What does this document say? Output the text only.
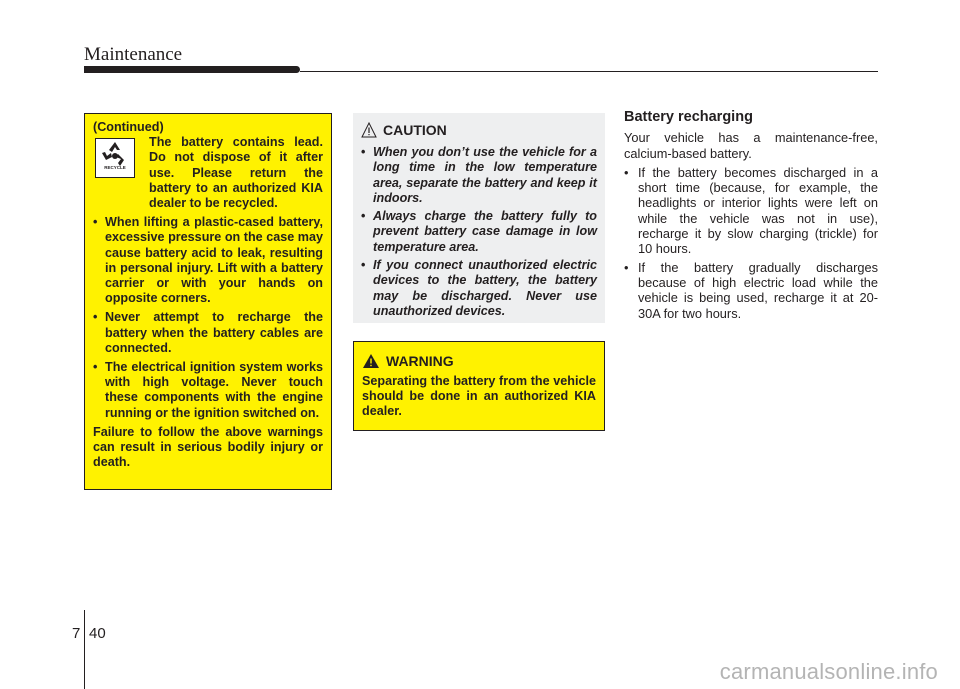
Maintenance
(Continued)
RECYCLE
The battery contains lead. Do not dispose of it after use. Please return the battery to an authorized KIA dealer to be recycled.
• When lifting a plastic-cased battery, excessive pressure on the case may cause battery acid to leak, resulting in personal injury. Lift with a battery carrier or with your hands on opposite corners.
• Never attempt to recharge the battery when the battery cables are connected.
• The electrical ignition system works with high voltage. Never touch these components with the engine running or the ignition switched on.
Failure to follow the above warnings can result in serious bodily injury or death.
CAUTION
• When you don’t use the vehicle for a long time in the low temperature area, separate the battery and keep it indoors.
• Always charge the battery fully to prevent battery case damage in low temperature area.
• If you connect unauthorized electric devices to the battery, the battery may be discharged. Never use unauthorized devices.
WARNING
Separating the battery from the vehicle should be done in an authorized KIA dealer.
Battery recharging

Your vehicle has a maintenance-free, calcium-based battery.

• If the battery becomes discharged in a short time (because, for example, the headlights or interior lights were left on while the vehicle was not in use), recharge it by slow charging (trickle) for 10 hours.
• If the battery gradually discharges because of high electric load while the vehicle is being used, recharge it at 20-30A for two hours.
7 40
carmanualsonline.info
